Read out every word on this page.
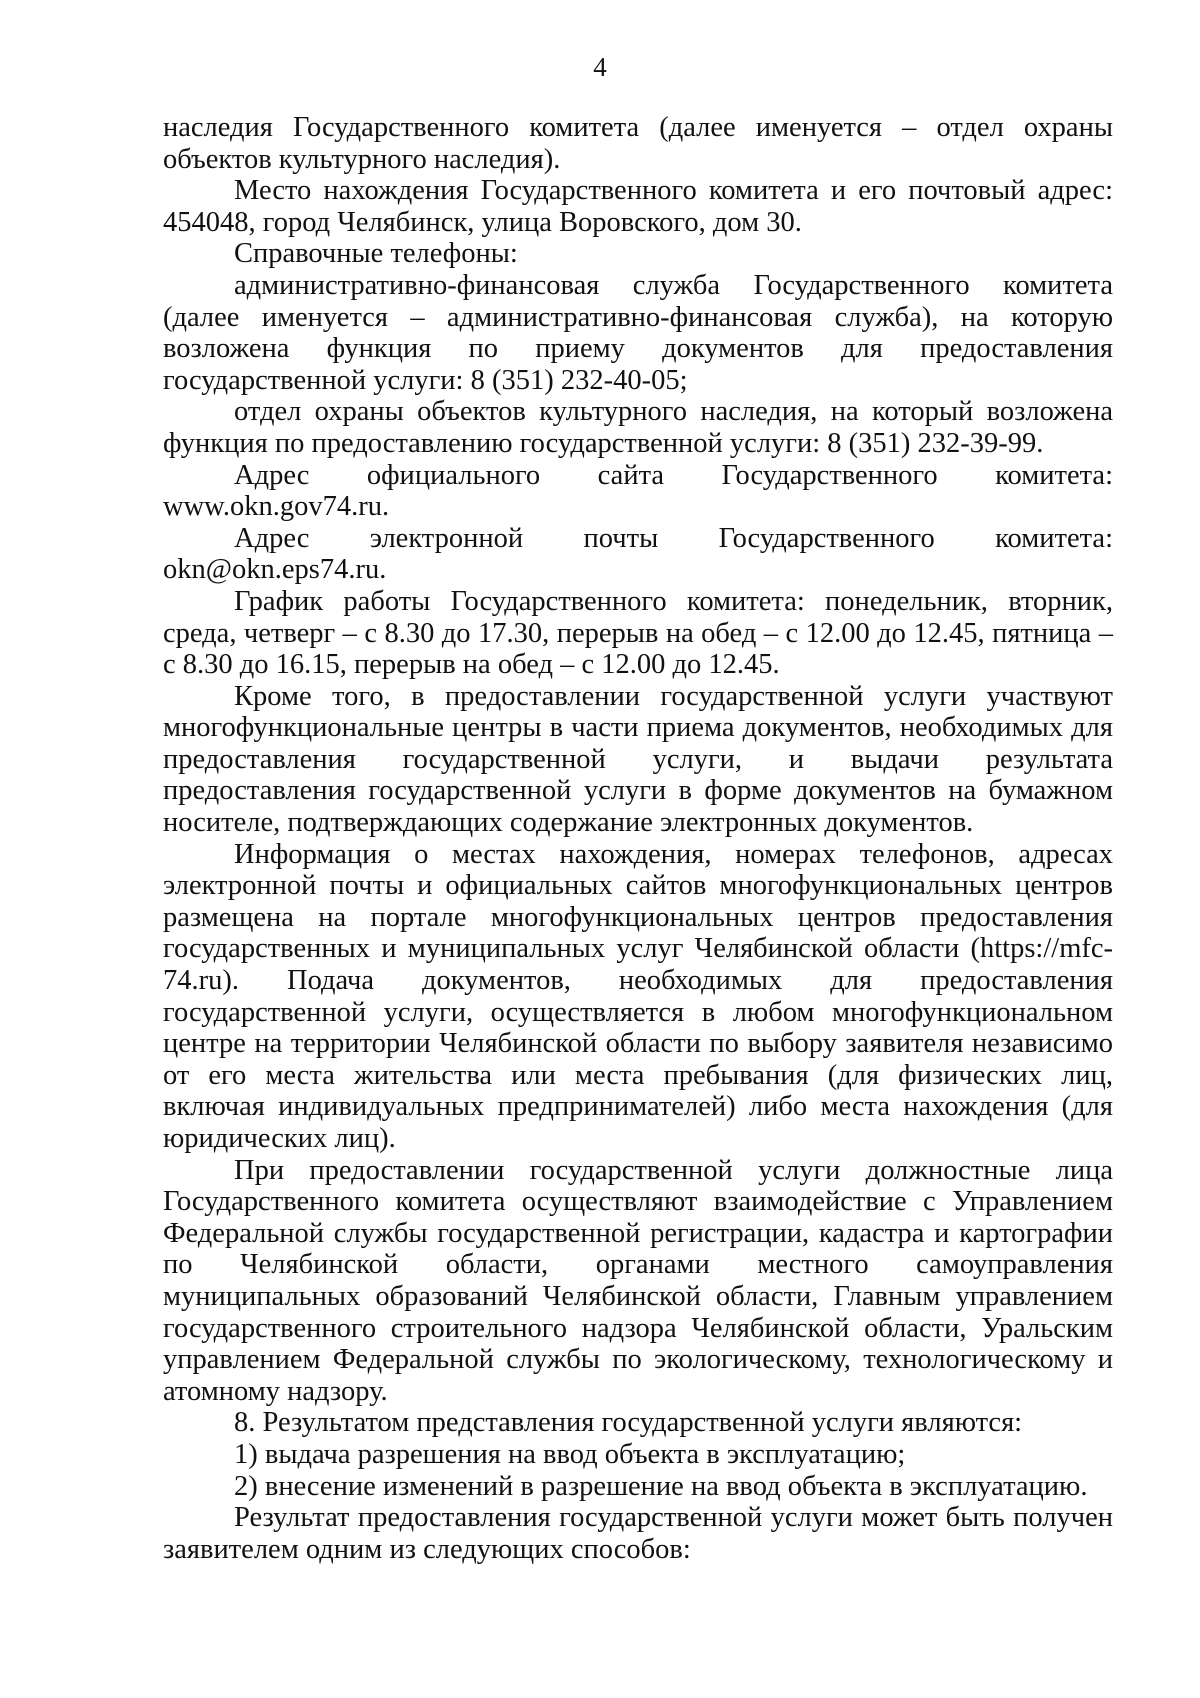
4

наследия Государственного комитета (далее именуется – отдел охраны объектов культурного наследия).

Место нахождения Государственного комитета и его почтовый адрес: 454048, город Челябинск, улица Воровского, дом 30.

Справочные телефоны:

административно-финансовая служба Государственного комитета (далее именуется – административно-финансовая служба), на которую возложена функция по приему документов для предоставления государственной услуги: 8 (351) 232-40-05;

отдел охраны объектов культурного наследия, на который возложена функция по предоставлению государственной услуги: 8 (351) 232-39-99.

Адрес официального сайта Государственного комитета: www.okn.gov74.ru.

Адрес электронной почты Государственного комитета: okn@okn.eps74.ru.

График работы Государственного комитета: понедельник, вторник, среда, четверг – с 8.30 до 17.30, перерыв на обед – с 12.00 до 12.45, пятница – с 8.30 до 16.15, перерыв на обед – с 12.00 до 12.45.

Кроме того, в предоставлении государственной услуги участвуют многофункциональные центры в части приема документов, необходимых для предоставления государственной услуги, и выдачи результата предоставления государственной услуги в форме документов на бумажном носителе, подтверждающих содержание электронных документов.

Информация о местах нахождения, номерах телефонов, адресах электронной почты и официальных сайтов многофункциональных центров размещена на портале многофункциональных центров предоставления государственных и муниципальных услуг Челябинской области (https://mfc-74.ru). Подача документов, необходимых для предоставления государственной услуги, осуществляется в любом многофункциональном центре на территории Челябинской области по выбору заявителя независимо от его места жительства или места пребывания (для физических лиц, включая индивидуальных предпринимателей) либо места нахождения (для юридических лиц).

При предоставлении государственной услуги должностные лица Государственного комитета осуществляют взаимодействие с Управлением Федеральной службы государственной регистрации, кадастра и картографии по Челябинской области, органами местного самоуправления муниципальных образований Челябинской области, Главным управлением государственного строительного надзора Челябинской области, Уральским управлением Федеральной службы по экологическому, технологическому и атомному надзору.

8. Результатом представления государственной услуги являются:

1) выдача разрешения на ввод объекта в эксплуатацию;

2) внесение изменений в разрешение на ввод объекта в эксплуатацию.

Результат предоставления государственной услуги может быть получен заявителем одним из следующих способов:
